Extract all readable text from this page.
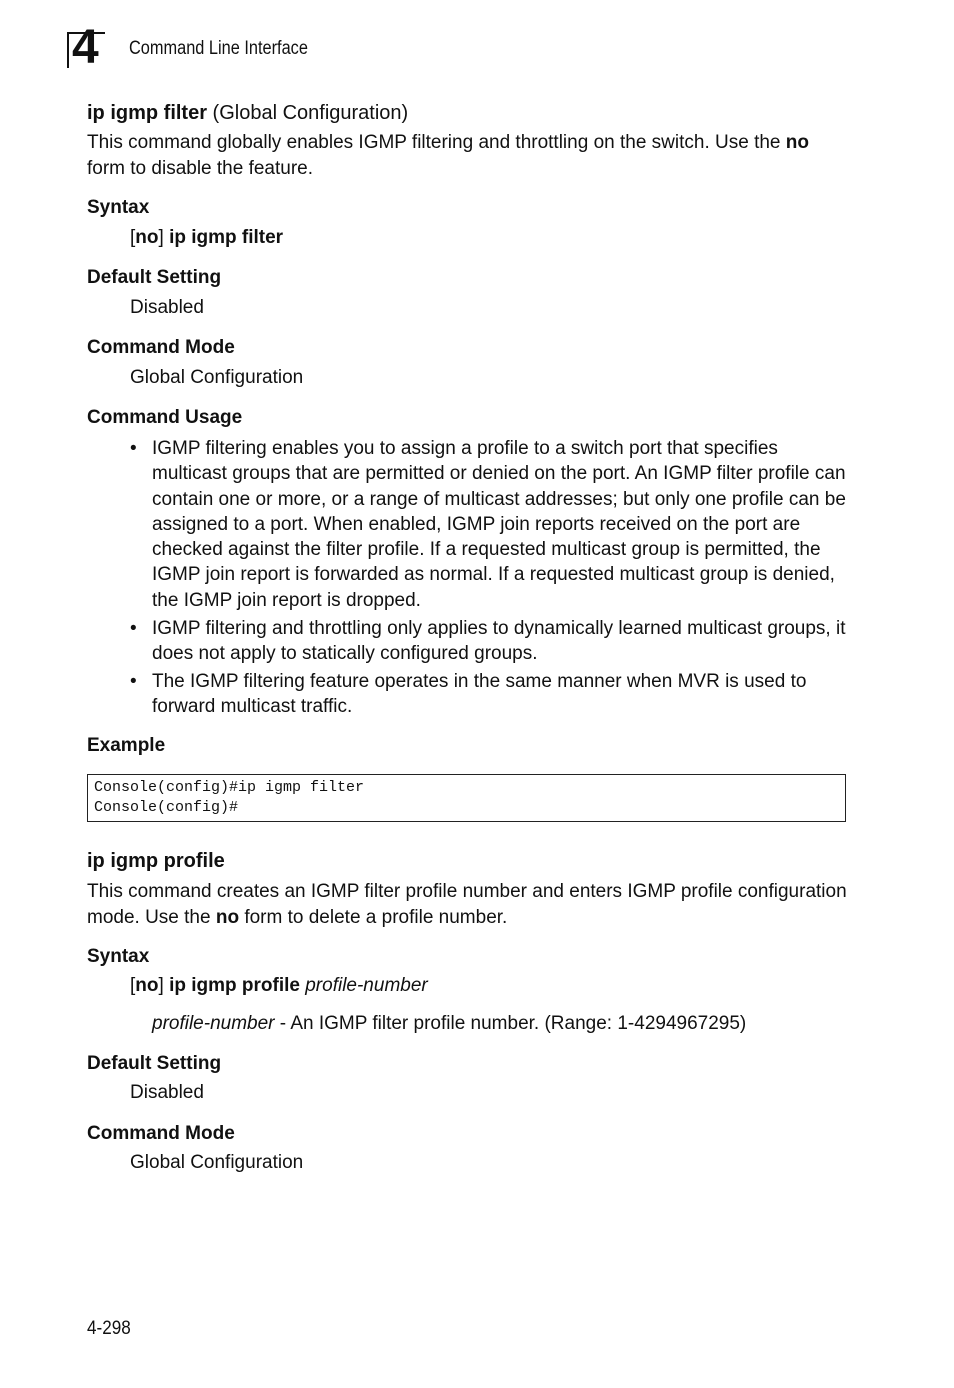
4 Command Line Interface
ip igmp filter (Global Configuration)
This command globally enables IGMP filtering and throttling on the switch. Use the no form to disable the feature.
Syntax
[no] ip igmp filter
Default Setting
Disabled
Command Mode
Global Configuration
Command Usage
• IGMP filtering enables you to assign a profile to a switch port that specifies multicast groups that are permitted or denied on the port. An IGMP filter profile can contain one or more, or a range of multicast addresses; but only one profile can be assigned to a port. When enabled, IGMP join reports received on the port are checked against the filter profile. If a requested multicast group is permitted, the IGMP join report is forwarded as normal. If a requested multicast group is denied, the IGMP join report is dropped.
• IGMP filtering and throttling only applies to dynamically learned multicast groups, it does not apply to statically configured groups.
• The IGMP filtering feature operates in the same manner when MVR is used to forward multicast traffic.
Example
Console(config)#ip igmp filter
Console(config)#
ip igmp profile
This command creates an IGMP filter profile number and enters IGMP profile configuration mode. Use the no form to delete a profile number.
Syntax
[no] ip igmp profile profile-number
profile-number - An IGMP filter profile number. (Range: 1-4294967295)
Default Setting
Disabled
Command Mode
Global Configuration
4-298
